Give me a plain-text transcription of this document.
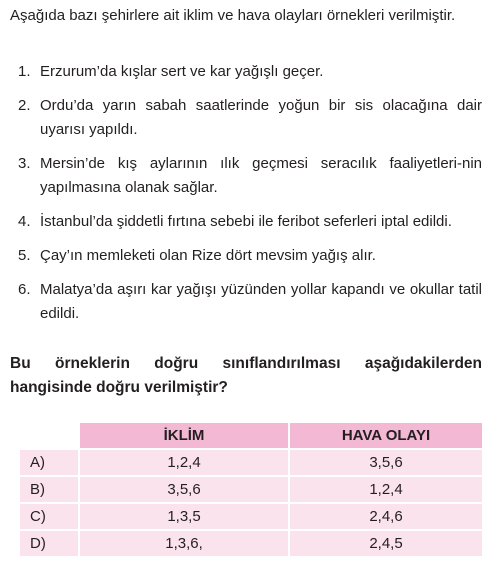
Aşağıda bazı şehirlere ait iklim ve hava olayları örnekleri verilmiştir.
1. Erzurum’da kışlar sert ve kar yağışlı geçer.
2. Ordu’da yarın sabah saatlerinde yoğun bir sis olacağına dair uyarısı yapıldı.
3. Mersin’de kış aylarının ılık geçmesi seracılık faaliyetleri-nin yapılmasına olanak sağlar.
4. İstanbul’da şiddetli fırtına sebebi ile feribot seferleri iptal edildi.
5. Çay’ın memleketi olan Rize dört mevsim yağış alır.
6. Malatya’da aşırı kar yağışı yüzünden yollar kapandı ve okullar tatil edildi.
Bu örneklerin doğru sınıflandırılması aşağıdakilerden hangisinde doğru verilmiştir?
	İKLİM	HAVA OLAYI
A)	1,2,4	3,5,6
B)	3,5,6	1,2,4
C)	1,3,5	2,4,6
D)	1,3,6,	2,4,5
